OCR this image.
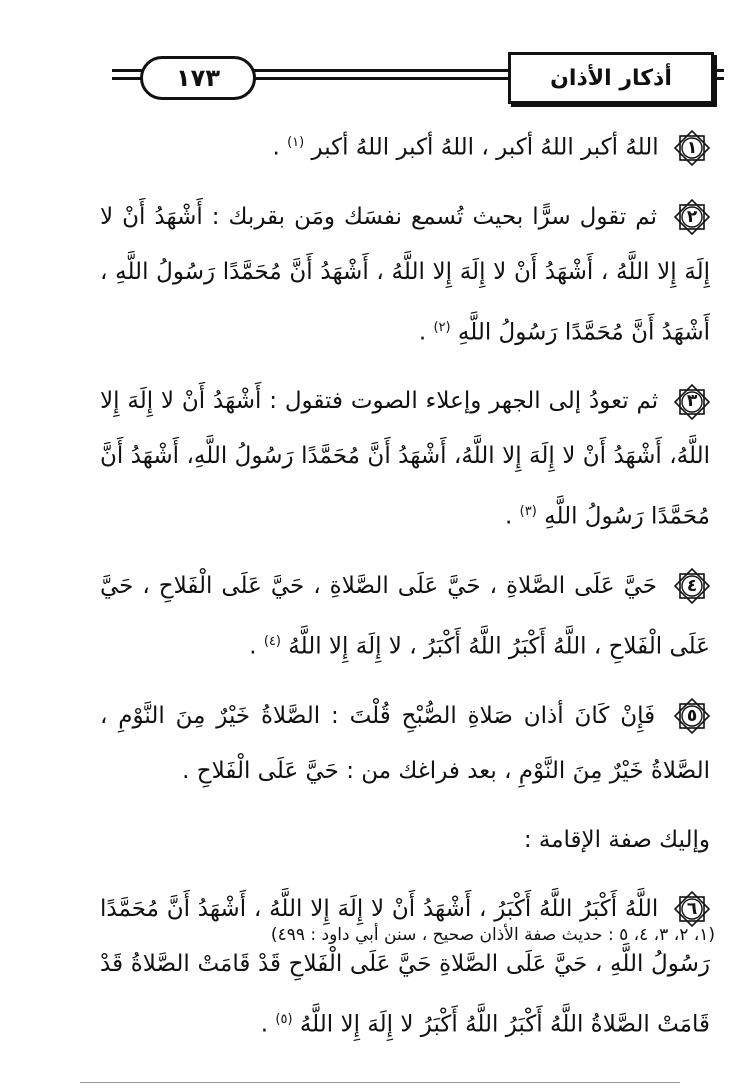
١٧٣	أذكار الأذان

١
اللهُ أكبر اللهُ أكبر ، اللهُ أكبر اللهُ أكبر $^{(١)}$ .

٢
ثم تقول سرًّا بحيث تُسمع نفسَك ومَن بقربك : أَشْهَدُ أَنْ لا إِلَهَ إِلا اللَّهُ ، أَشْهَدُ أَنْ لا إِلَهَ إِلا اللَّهُ ، أَشْهَدُ أَنَّ مُحَمَّدًا رَسُولُ اللَّهِ ، أَشْهَدُ أَنَّ مُحَمَّدًا رَسُولُ اللَّهِ $^{(٢)}$ .

٣
ثم تعودُ إلى الجهر وإعلاء الصوت فتقول : أَشْهَدُ أَنْ لا إِلَهَ إِلا اللَّهُ، أَشْهَدُ أَنْ لا إِلَهَ إِلا اللَّهُ، أَشْهَدُ أَنَّ مُحَمَّدًا رَسُولُ اللَّهِ، أَشْهَدُ أَنَّ مُحَمَّدًا رَسُولُ اللَّهِ $^{(٣)}$ .

٤
حَيَّ عَلَى الصَّلاةِ ، حَيَّ عَلَى الصَّلاةِ ، حَيَّ عَلَى الْفَلاحِ ، حَيَّ عَلَى الْفَلاحِ ، اللَّهُ أَكْبَرُ اللَّهُ أَكْبَرُ ، لا إِلَهَ إِلا اللَّهُ $^{(٤)}$ .

٥
فَإِنْ كَانَ أذان صَلاةِ الصُّبْحِ قُلْتَ : الصَّلاةُ خَيْرٌ مِنَ النَّوْمِ ، الصَّلاةُ خَيْرٌ مِنَ النَّوْمِ ، بعد فراغك من : حَيَّ عَلَى الْفَلاحِ .

وإليك صفة الإقامة :

٦
اللَّهُ أَكْبَرُ اللَّهُ أَكْبَرُ ، أَشْهَدُ أَنْ لا إِلَهَ إِلا اللَّهُ ، أَشْهَدُ أَنَّ مُحَمَّدًا رَسُولُ اللَّهِ ، حَيَّ عَلَى الصَّلاةِ حَيَّ عَلَى الْفَلاحِ قَدْ قَامَتْ الصَّلاةُ قَدْ قَامَتْ الصَّلاةُ اللَّهُ أَكْبَرُ اللَّهُ أَكْبَرُ لا إِلَهَ إِلا اللَّهُ $^{(٥)}$ .

(١، ٢، ٣، ٤، ٥ : حديث صفة الأذان صحيح ، سنن أبي داود : ٤٩٩)
